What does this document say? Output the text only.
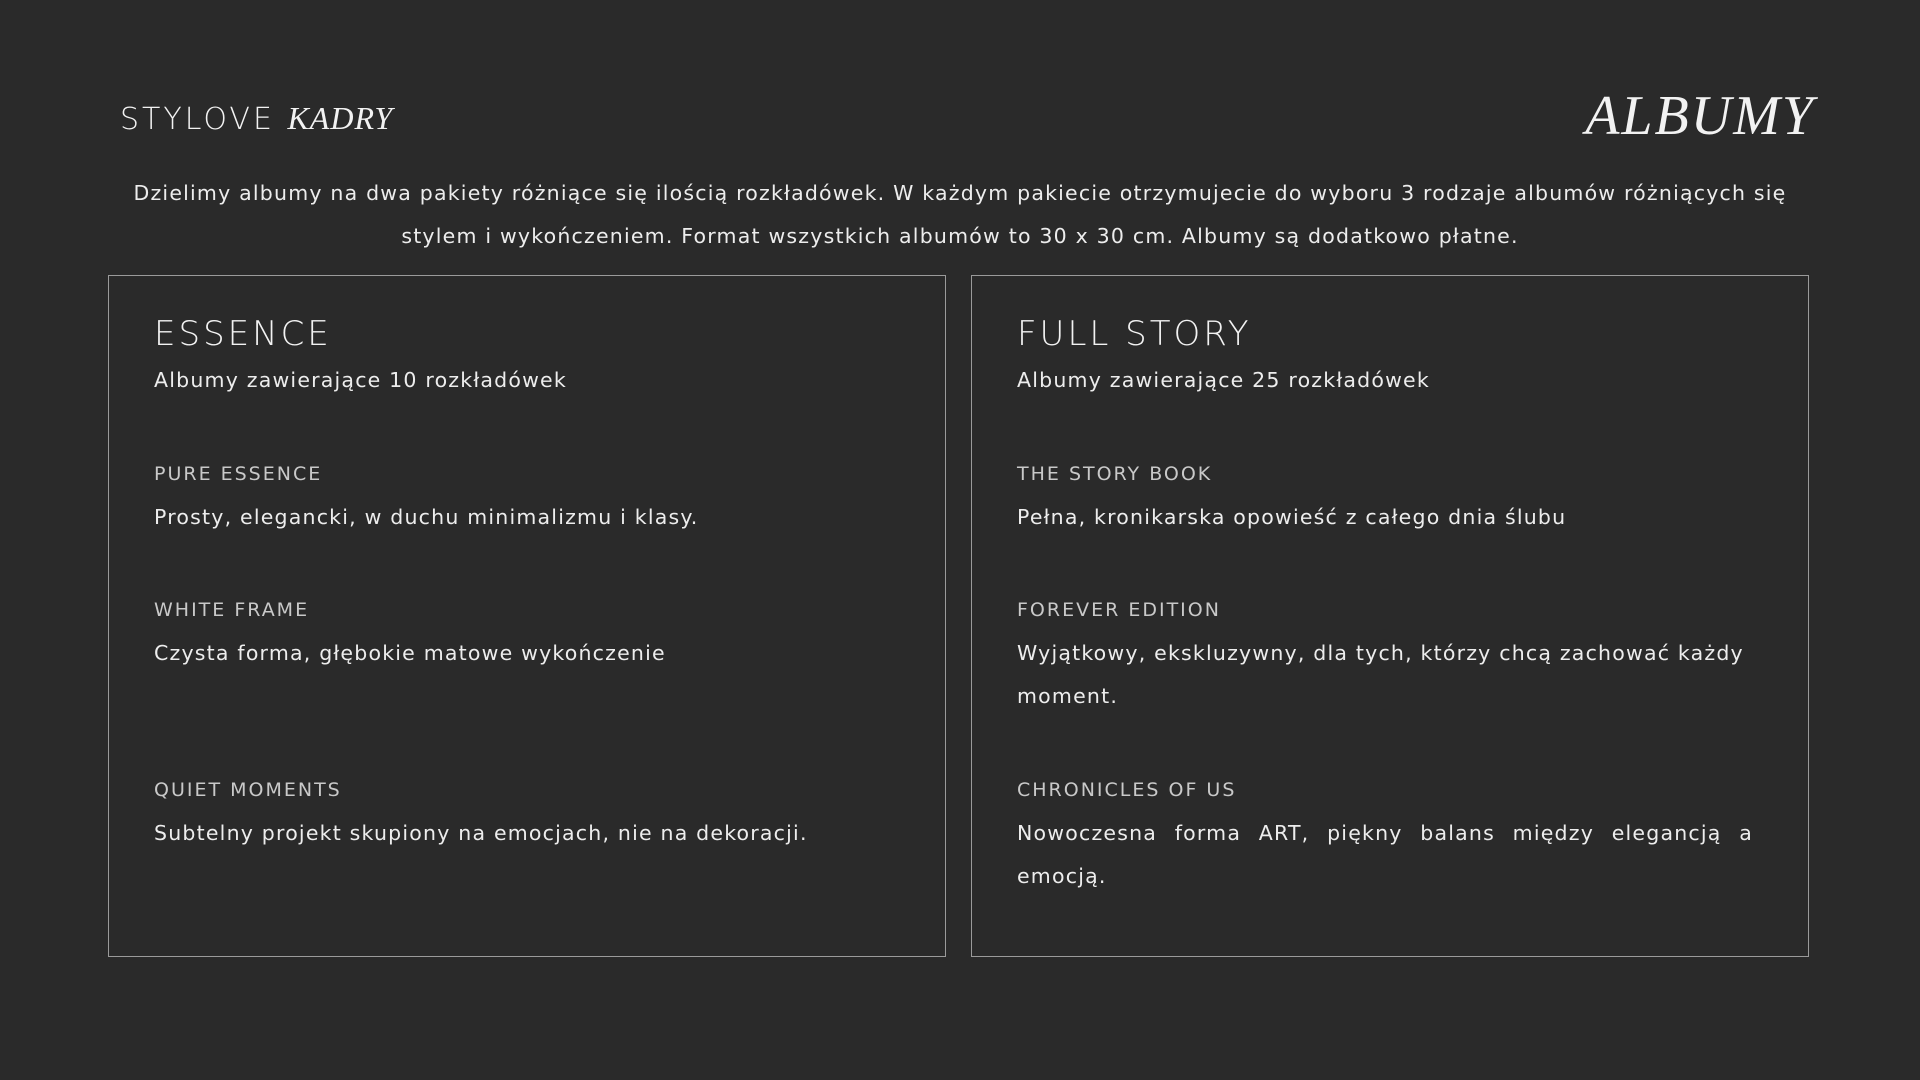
STYLOVE KADRY	ALBUMY
Dzielimy albumy na dwa pakiety różniące się ilością rozkładówek. W każdym pakiecie otrzymujecie do wyboru 3 rodzaje albumów różniących się stylem i wykończeniem. Format wszystkich albumów to 30 x 30 cm. Albumy są dodatkowo płatne.
ESSENCE
Albumy zawierające 10 rozkładówek
PURE ESSENCE
Prosty, elegancki, w duchu minimalizmu i klasy.
WHITE FRAME
Czysta forma, głębokie matowe wykończenie
QUIET MOMENTS
Subtelny projekt skupiony na emocjach, nie na dekoracji.
FULL STORY
Albumy zawierające 25 rozkładówek
THE STORY BOOK
Pełna, kronikarska opowieść z całego dnia ślubu
FOREVER EDITION
Wyjątkowy, ekskluzywny, dla tych, którzy chcą zachować każdy moment.
CHRONICLES OF US
Nowoczesna forma ART, piękny balans między elegancją a emocją.
